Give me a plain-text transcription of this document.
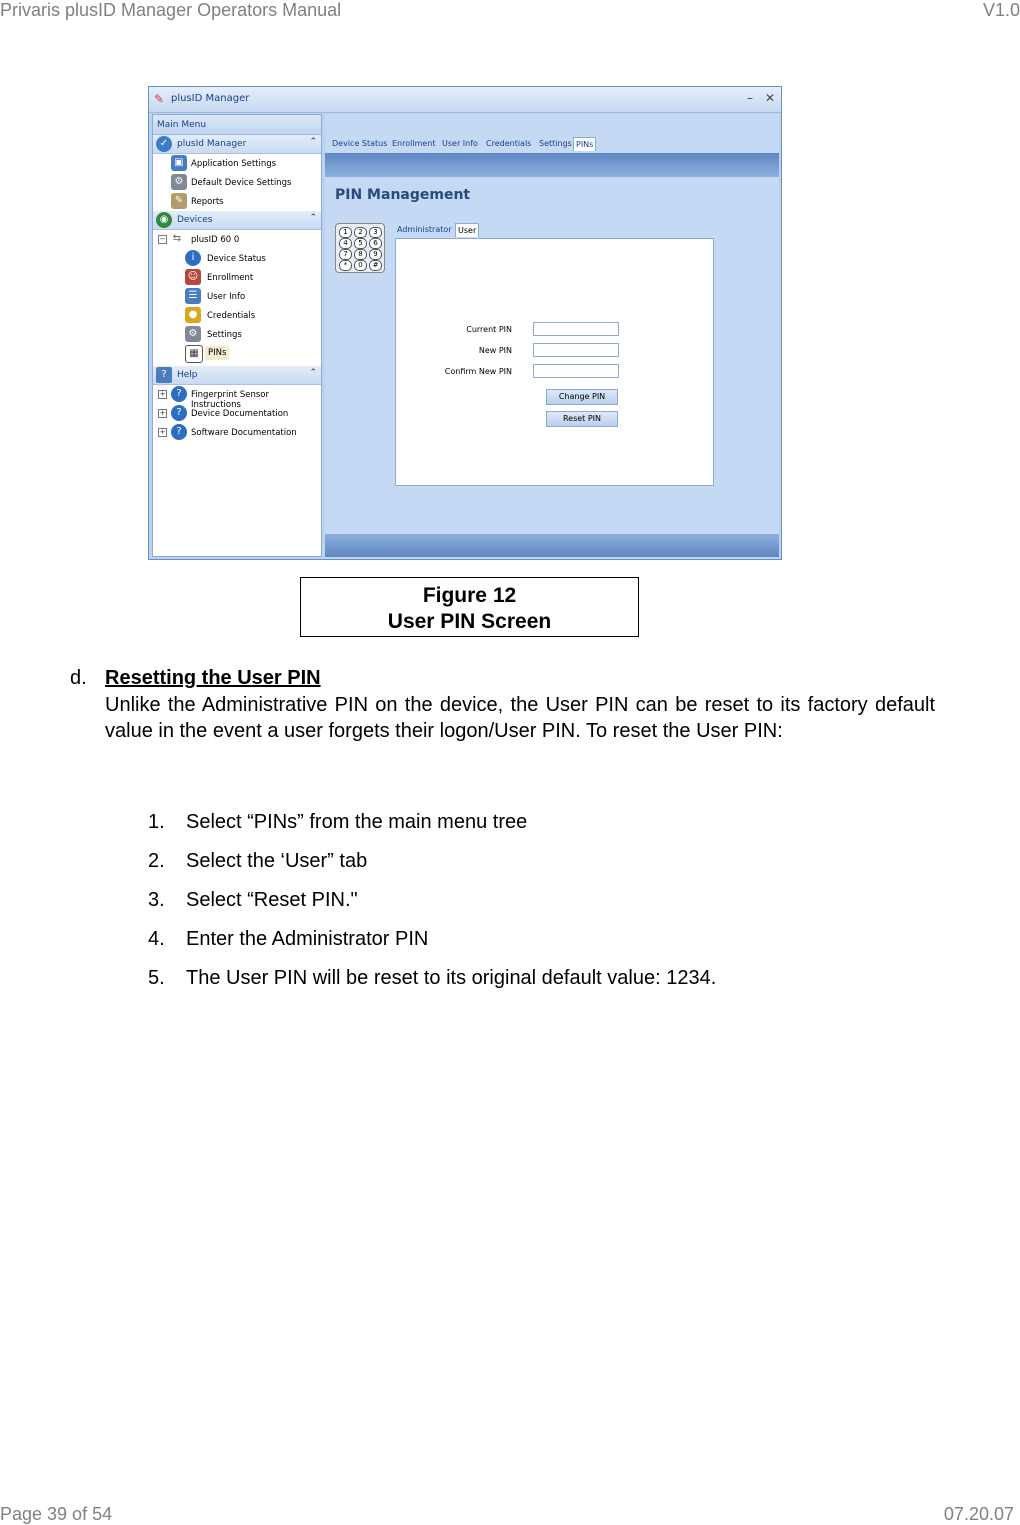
Privaris plusID Manager Operators Manual	V1.0
✎ plusID Manager	– ✕
Main Menu
✓ plusId Manager	⌃
▣ Application Settings
⚙ Default Device Settings
✎ Reports
◉ Devices	⌃
− ⇆	plusID 60 0
i	Device Status
☺	Enrollment
☰	User Info
●	Credentials
⚙	Settings
▦	PINs
?	Help	⌃
+	?	Fingerprint Sensor Instructions
+	?	Device Documentation
+	?	Software Documentation
Device Status Enrollment User Info Credentials Settings PINs
PIN Management
1	2	3
4	5	6
7	8	9
*	0	#
Administrator User
Current PIN
New PIN
Confirm New PIN
Change PIN
Reset PIN
Figure 12
User PIN Screen
d. Resetting the User PIN
Unlike the Administrative PIN on the device, the User PIN can be reset to its factory default value in the event a user forgets their logon/User PIN. To reset the User PIN:
1. Select “PINs” from the main menu tree
2. Select the ‘User” tab
3. Select “Reset PIN."
4. Enter the Administrator PIN
5. The User PIN will be reset to its original default value: 1234.
Page 39 of 54	07.20.07
